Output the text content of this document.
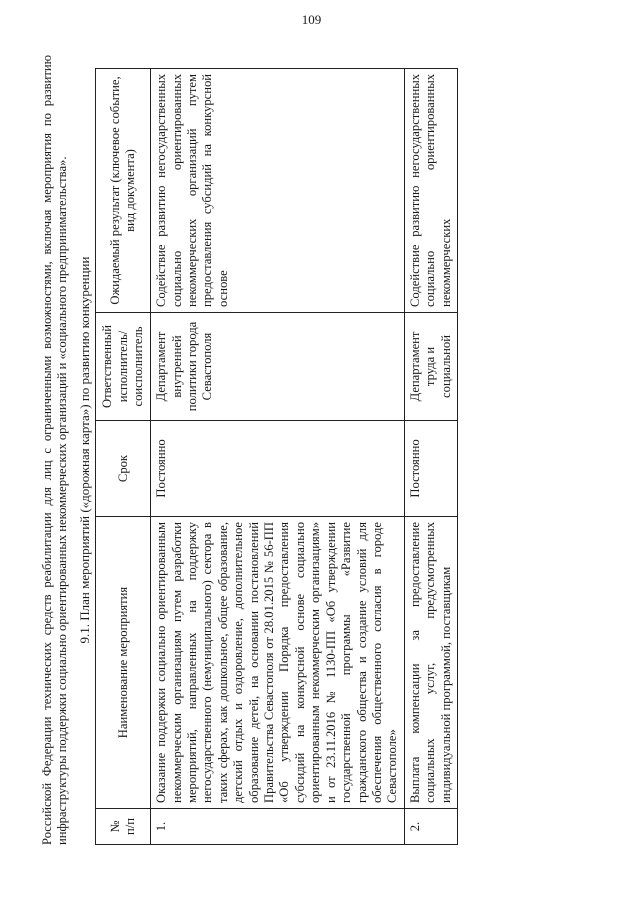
109

Российской Федерации технических средств реабилитации для лиц с ограниченными возможностями, включая мероприятия по развитию инфраструктуры поддержки социально ориентированных некоммерческих организаций и «социального предпринимательства». 9.1. План мероприятий («дорожная карта») по развитию конкуренции
№ п/п	Наименование мероприятия	Срок	Ответственный исполнитель/ соисполнитель	Ожидаемый результат (ключевое событие, вид документа)
1.	Оказание поддержки социально ориентированным некоммерческим организациям путем разработки мероприятий, направленных на поддержку негосударственного (немуниципального) сектора в таких сферах, как дошкольное, общее образование, детский отдых и оздоровление, дополнительное образование детей, на основании постановлений Правительства Севастополя от 28.01.2015 № 56-ПП «Об утверждении Порядка предоставления субсидий на конкурсной основе социально ориентированным некоммерческим организациям» и от 23.11.2016 № 1130-ПП «Об утверждении государственной программы «Развитие гражданского общества и создание условий для обеспечения общественного согласия в городе Севастополе»	Постоянно	Департамент внутренней политики города Севастополя	Содействие развитию негосударственных социально ориентированных некоммерческих организаций путем предоставления субсидий на конкурсной основе
2.	Выплата компенсации за предоставление социальных услуг, предусмотренных индивидуальной программой, поставщикам	Постоянно	Департамент труда и социальной	Содействие развитию негосударственных социально ориентированных некоммерческих
